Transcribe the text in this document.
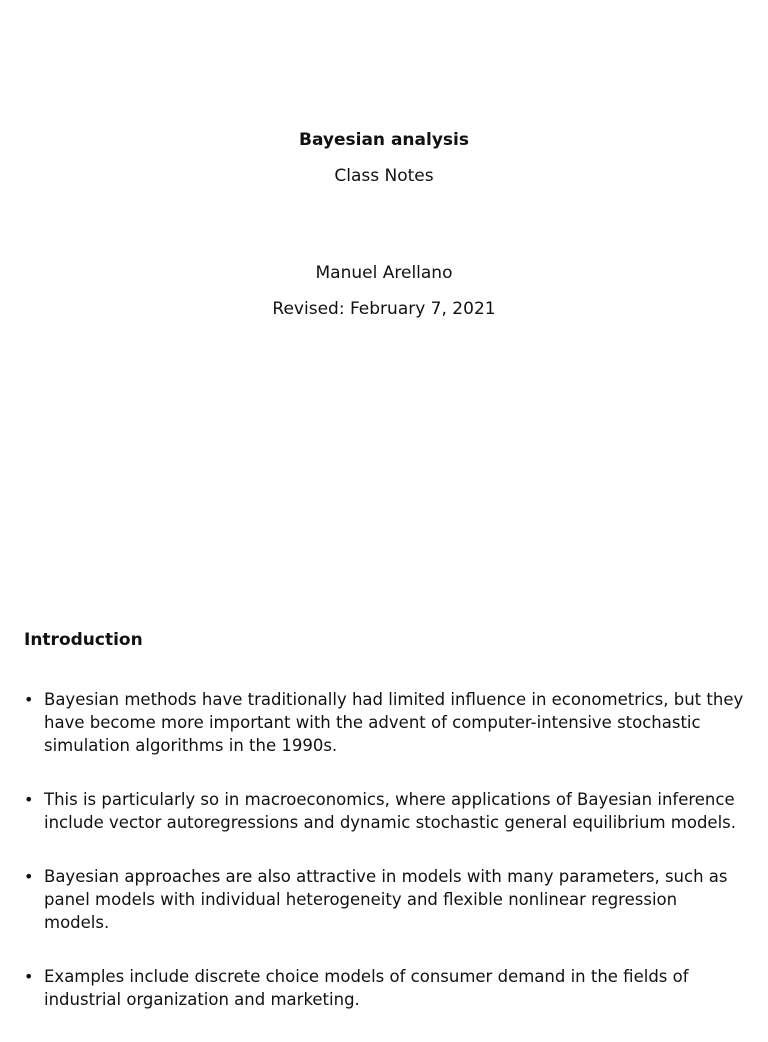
Bayesian analysis

Class Notes

Manuel Arellano
Revised: February 7, 2021
Introduction
• Bayesian methods have traditionally had limited influence in econometrics, but they have become more important with the advent of computer-intensive stochastic simulation algorithms in the 1990s.
• This is particularly so in macroeconomics, where applications of Bayesian inference include vector autoregressions and dynamic stochastic general equilibrium models.
• Bayesian approaches are also attractive in models with many parameters, such as panel models with individual heterogeneity and flexible nonlinear regression models.
• Examples include discrete choice models of consumer demand in the fields of industrial organization and marketing.
